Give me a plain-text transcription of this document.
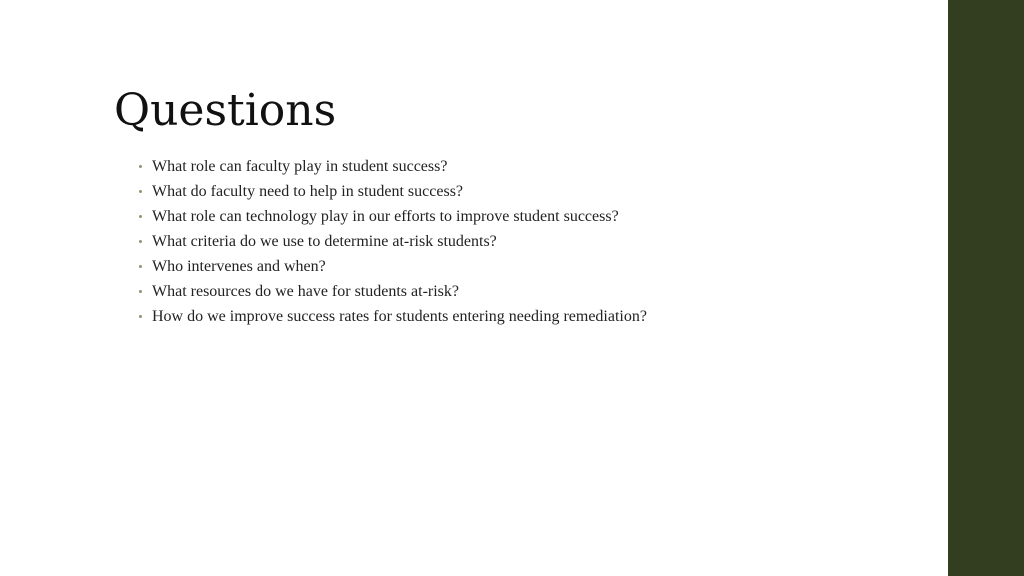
Questions
What role can faculty play in student success?
What do faculty need to help in student success?
What role can technology play in our efforts to improve student success?
What criteria do we use to determine at-risk students?
Who intervenes and when?
What resources do we have for students at-risk?
How do we improve success rates for students entering needing remediation?
